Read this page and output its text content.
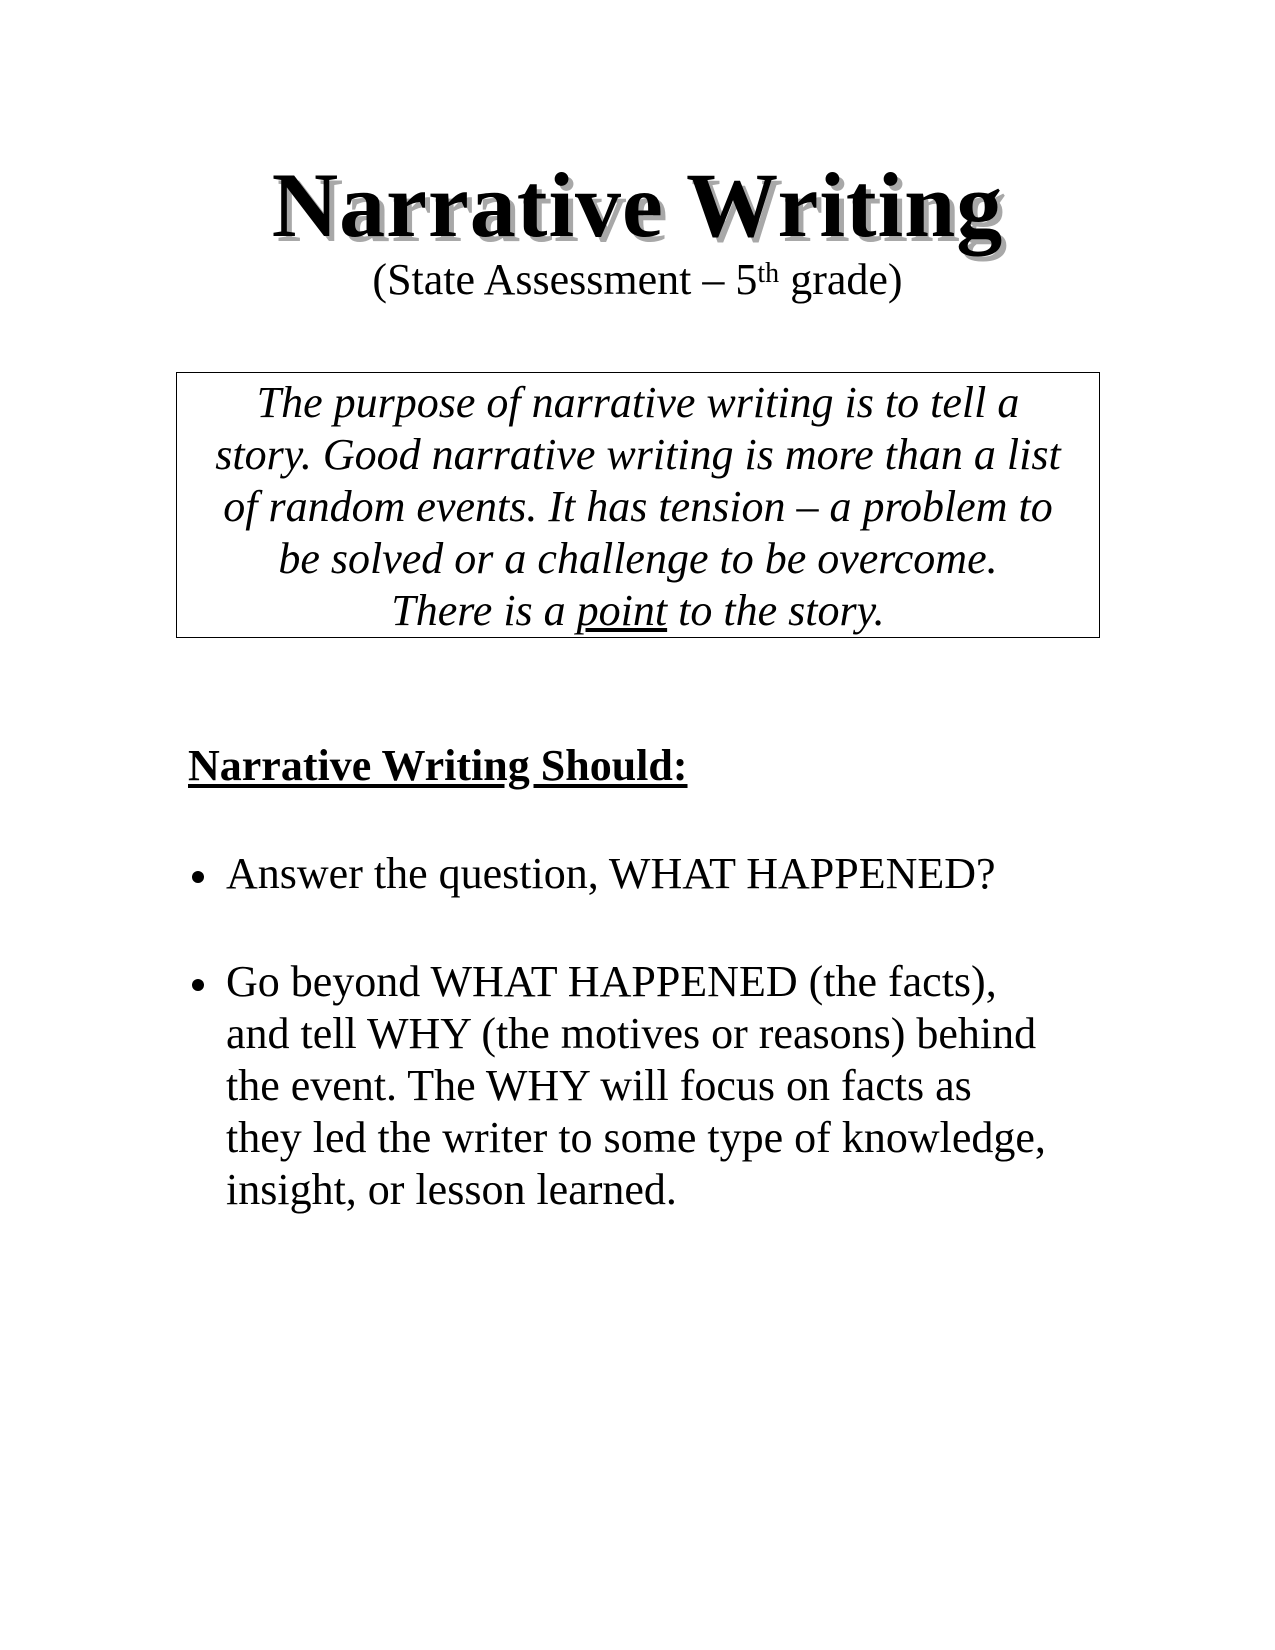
Narrative Writing
(State Assessment – 5th grade)
The purpose of narrative writing is to tell a
story. Good narrative writing is more than a list
of random events. It has tension – a problem to
be solved or a challenge to be overcome.
There is a point to the story.
Narrative Writing Should:
Answer the question, WHAT HAPPENED?
Go beyond WHAT HAPPENED (the facts),
and tell WHY (the motives or reasons) behind
the event. The WHY will focus on facts as
they led the writer to some type of knowledge,
insight, or lesson learned.
